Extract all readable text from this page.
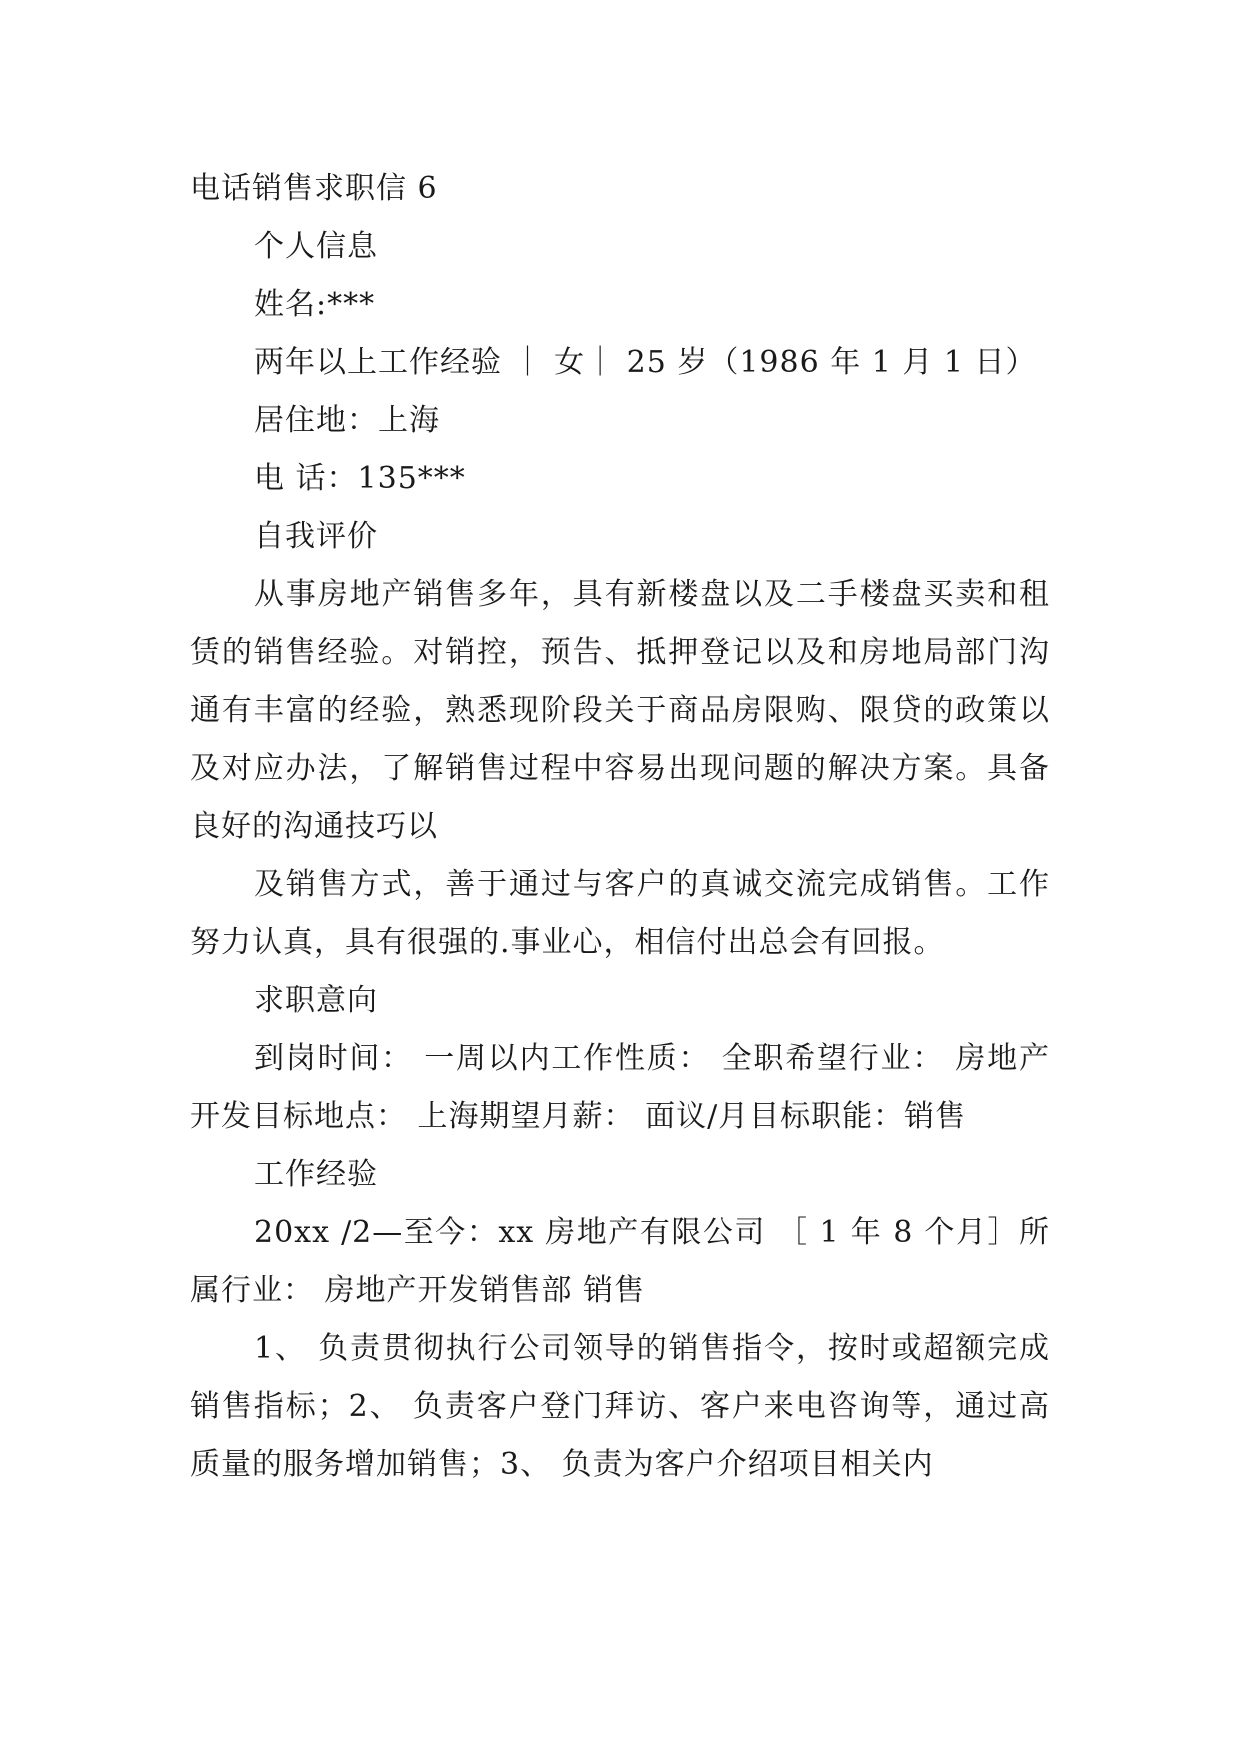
电话销售求职信 6

个人信息

姓名:***

两年以上工作经验 ｜ 女｜ 25 岁（1986 年 1 月 1 日）

居住地：上海

电 话：135***

自我评价

从事房地产销售多年，具有新楼盘以及二手楼盘买卖和租赁的销售经验。对销控，预告、抵押登记以及和房地局部门沟通有丰富的经验，熟悉现阶段关于商品房限购、限贷的政策以及对应办法，了解销售过程中容易出现问题的解决方案。具备良好的沟通技巧以

及销售方式，善于通过与客户的真诚交流完成销售。工作努力认真，具有很强的.事业心，相信付出总会有回报。

求职意向

到岗时间： 一周以内工作性质： 全职希望行业： 房地产开发目标地点： 上海期望月薪： 面议/月目标职能：销售

工作经验

20xx /2—至今：xx 房地产有限公司 ［ 1 年 8 个月］所属行业： 房地产开发销售部 销售

1、 负责贯彻执行公司领导的销售指令，按时或超额完成销售指标；2、 负责客户登门拜访、客户来电咨询等，通过高质量的服务增加销售；3、 负责为客户介绍项目相关内
